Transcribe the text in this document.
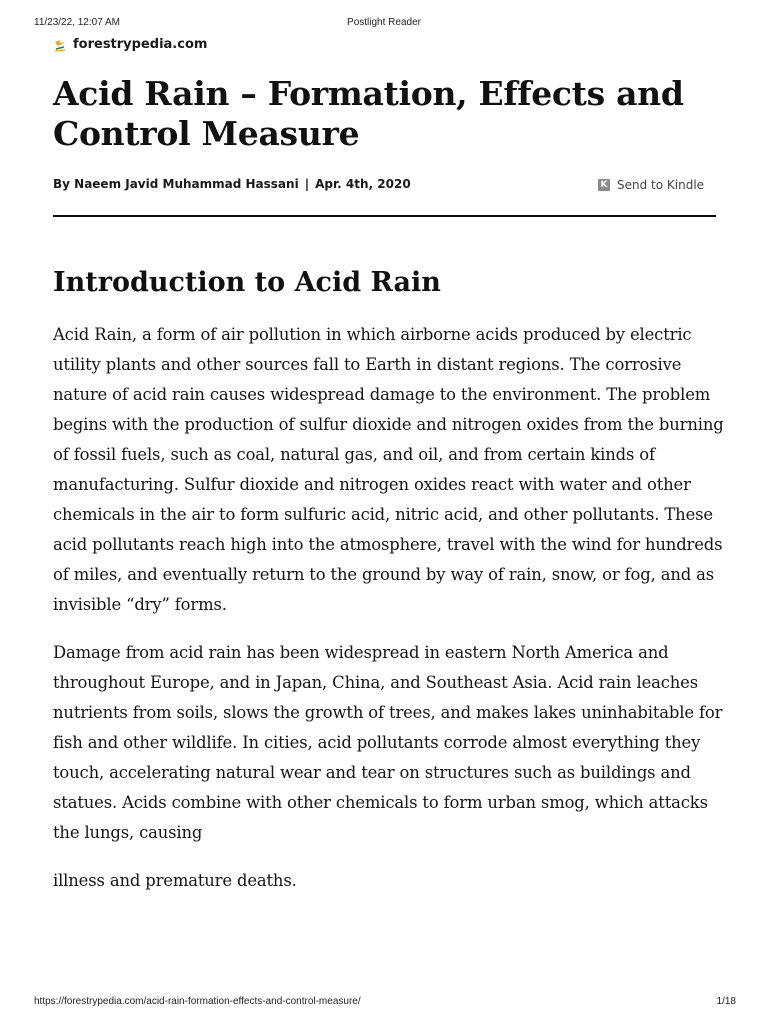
11/23/22, 12:07 AM	Postlight Reader
forestrypedia.com
Acid Rain – Formation, Effects and Control Measure
By Naeem Javid Muhammad Hassani | Apr. 4th, 2020	K Send to Kindle
Introduction to Acid Rain

Acid Rain, a form of air pollution in which airborne acids produced by electric utility plants and other sources fall to Earth in distant regions. The corrosive nature of acid rain causes widespread damage to the environment. The problem begins with the production of sulfur dioxide and nitrogen oxides from the burning of fossil fuels, such as coal, natural gas, and oil, and from certain kinds of manufacturing. Sulfur dioxide and nitrogen oxides react with water and other chemicals in the air to form sulfuric acid, nitric acid, and other pollutants. These acid pollutants reach high into the atmosphere, travel with the wind for hundreds of miles, and eventually return to the ground by way of rain, snow, or fog, and as invisible “dry” forms.

Damage from acid rain has been widespread in eastern North America and throughout Europe, and in Japan, China, and Southeast Asia. Acid rain leaches nutrients from soils, slows the growth of trees, and makes lakes uninhabitable for fish and other wildlife. In cities, acid pollutants corrode almost everything they touch, accelerating natural wear and tear on structures such as buildings and statues. Acids combine with other chemicals to form urban smog, which attacks the lungs, causing

illness and premature deaths.

https://forestrypedia.com/acid-rain-formation-effects-and-control-measure/	1/18
